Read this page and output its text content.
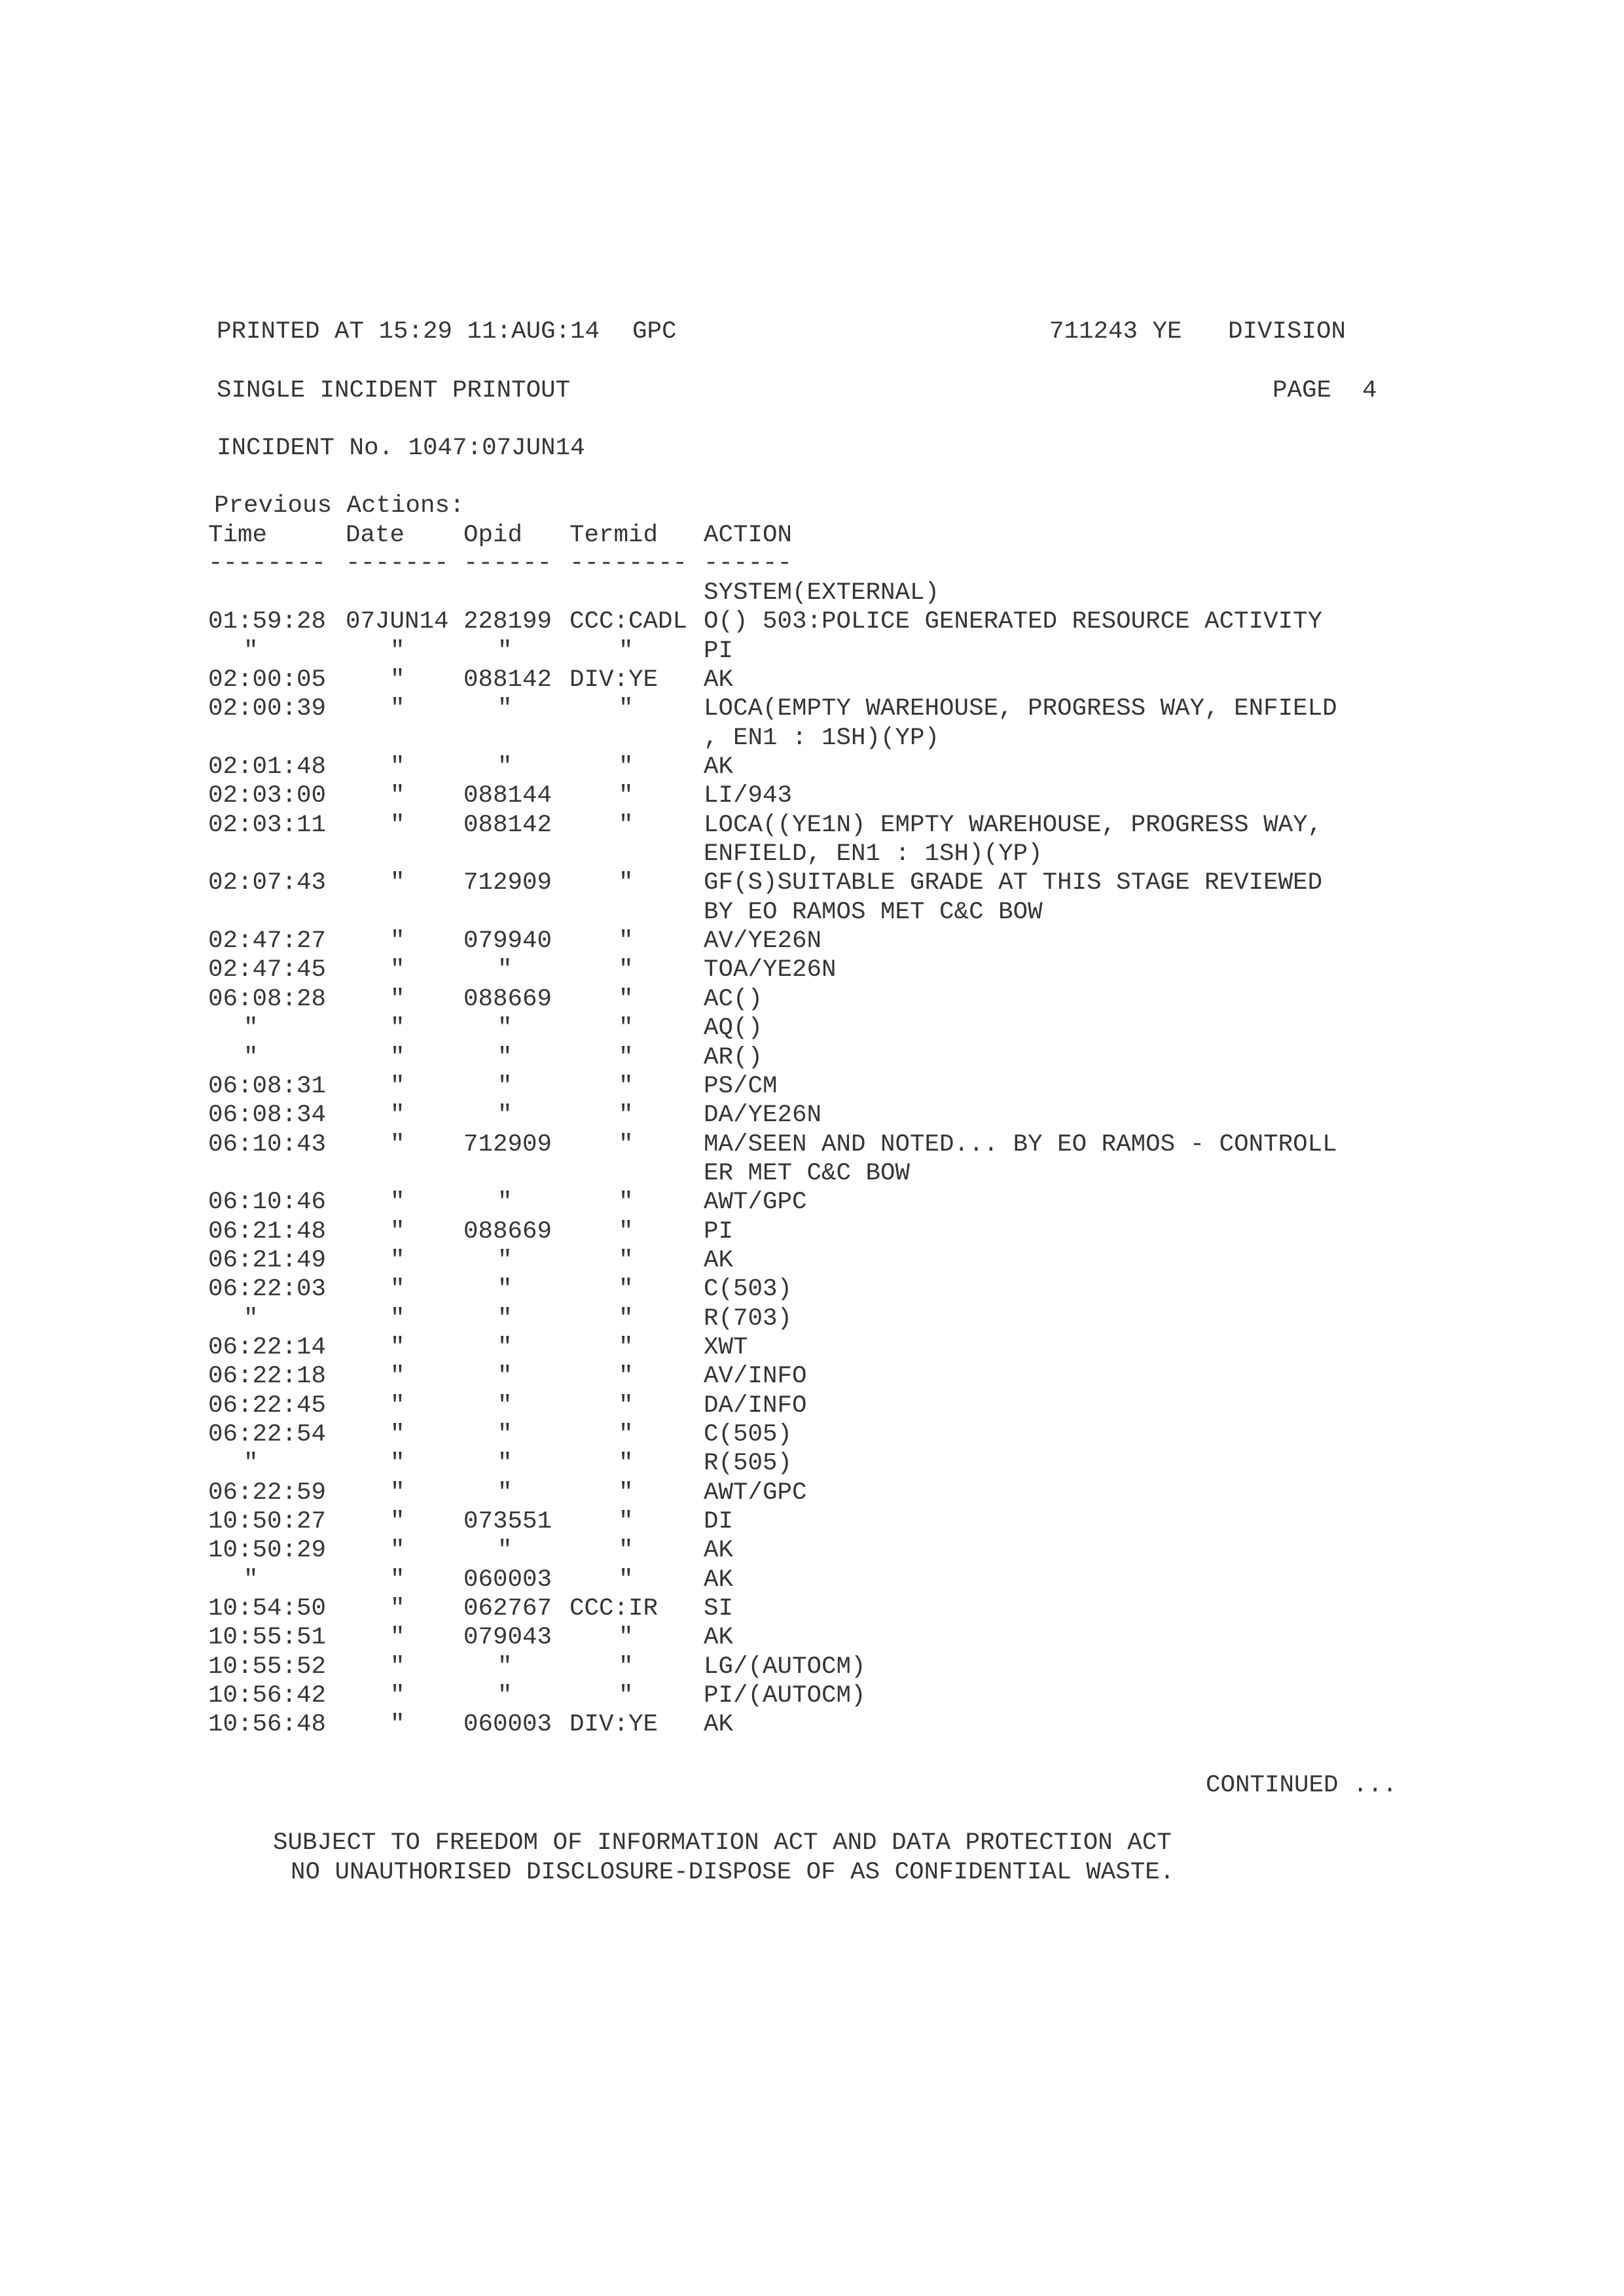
PRINTED AT 15:29 11:AUG:14 GPC	711243 YE DIVISION
SINGLE INCIDENT PRINTOUT	PAGE 4
INCIDENT No. 1047:07JUN14
Previous Actions:
Time	Date Opid Termid ACTION
-------- ------- ------ -------- ------
SYSTEM(EXTERNAL)
01:59:28 07JUN14 228199 CCC:CADL O() 503:POLICE GENERATED RESOURCE ACTIVITY
"	"	"	"	PI
02:00:05	" 088142 DIV:YE AK
02:00:39	"	"	"	LOCA(EMPTY WAREHOUSE, PROGRESS WAY, ENFIELD
, EN1 : 1SH)(YP)
02:01:48	"	"	"	AK
02:03:00	" 088144	"	LI/943
02:03:11	" 088142	"	LOCA((YE1N) EMPTY WAREHOUSE, PROGRESS WAY,
ENFIELD, EN1 : 1SH)(YP)
02:07:43	" 712909	"	GF(S)SUITABLE GRADE AT THIS STAGE REVIEWED
BY EO RAMOS MET C&C BOW
02:47:27	" 079940	"	AV/YE26N
02:47:45	"	"	"	TOA/YE26N
06:08:28	" 088669	"	AC()
"	"	"	"	AQ()
"	"	"	"	AR()
06:08:31	"	"	"	PS/CM
06:08:34	"	"	"	DA/YE26N
06:10:43	" 712909	"	MA/SEEN AND NOTED... BY EO RAMOS - CONTROLL
ER MET C&C BOW
06:10:46	"	"	"	AWT/GPC
06:21:48	" 088669	"	PI
06:21:49	"	"	"	AK
06:22:03	"	"	"	C(503)
"	"	"	"	R(703)
06:22:14	"	"	"	XWT
06:22:18	"	"	"	AV/INFO
06:22:45	"	"	"	DA/INFO
06:22:54	"	"	"	C(505)
"	"	"	"	R(505)
06:22:59	"	"	"	AWT/GPC
10:50:27	" 073551	"	DI
10:50:29	"	"	"	AK
"	" 060003	"	AK
10:54:50	" 062767 CCC:IR SI
10:55:51	" 079043	"	AK
10:55:52	"	"	"	LG/(AUTOCM)
10:56:42	"	"	"	PI/(AUTOCM)
10:56:48	" 060003 DIV:YE AK
CONTINUED ...
SUBJECT TO FREEDOM OF INFORMATION ACT AND DATA PROTECTION ACT
NO UNAUTHORISED DISCLOSURE-DISPOSE OF AS CONFIDENTIAL WASTE.
